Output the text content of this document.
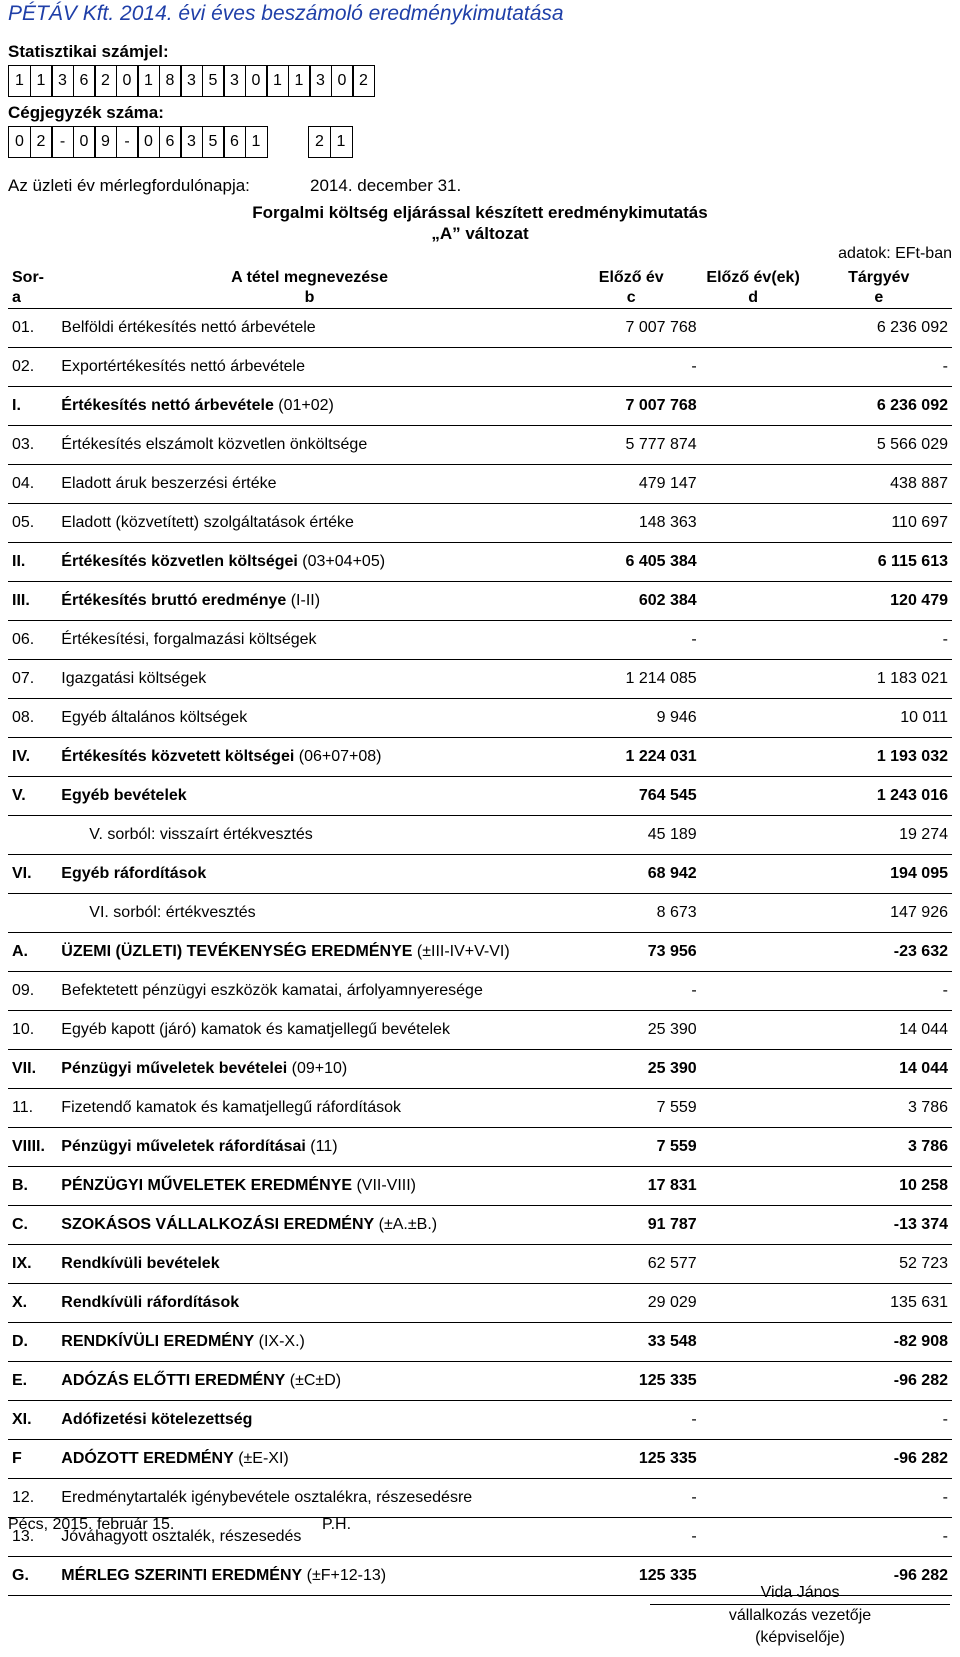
PÉTÁV Kft. 2014. évi éves beszámoló eredménykimutatása
Statisztikai számjel:
1 1 3 6 2 0 1 8 3 5 3 0 1 1 3 0 2
Cégjegyzék száma:
0 2 - 0 9 - 0 6 3 5 6 1	2 1
Az üzleti év mérlegfordulónapja:	2014. december 31.
Forgalmi költség eljárással készített eredménykimutatás
„A” változat
adatok: EFt-ban
Sor-	A tétel megnevezése	Előző év	Előző év(ek)	Tárgyév
a	b	c	d	e
01.	Belföldi értékesítés nettó árbevétele	7 007 768		6 236 092
02.	Exportértékesítés nettó árbevétele	-		-
I.	Értékesítés nettó árbevétele (01+02)	7 007 768		6 236 092
03.	Értékesítés elszámolt közvetlen önköltsége	5 777 874		5 566 029
04.	Eladott áruk beszerzési értéke	479 147		438 887
05.	Eladott (közvetített) szolgáltatások értéke	148 363		110 697
II.	Értékesítés közvetlen költségei (03+04+05)	6 405 384		6 115 613
III.	Értékesítés bruttó eredménye (I-II)	602 384		120 479
06.	Értékesítési, forgalmazási költségek	-		-
07.	Igazgatási költségek	1 214 085		1 183 021
08.	Egyéb általános költségek	9 946		10 011
IV.	Értékesítés közvetett költségei (06+07+08)	1 224 031		1 193 032
V.	Egyéb bevételek	764 545		1 243 016
	V. sorból: visszaírt értékvesztés	45 189		19 274
VI.	Egyéb ráfordítások	68 942		194 095
	VI. sorból: értékvesztés	8 673		147 926
A.	ÜZEMI (ÜZLETI) TEVÉKENYSÉG EREDMÉNYE (±III-IV+V-VI)	73 956		-23 632
09.	Befektetett pénzügyi eszközök kamatai, árfolyamnyeresége	-		-
10.	Egyéb kapott (járó) kamatok és kamatjellegű bevételek	25 390		14 044
VII.	Pénzügyi műveletek bevételei (09+10)	25 390		14 044
11.	Fizetendő kamatok és kamatjellegű ráfordítások	7 559		3 786
VIIII.	Pénzügyi műveletek ráfordításai (11)	7 559		3 786
B.	PÉNZÜGYI MŰVELETEK EREDMÉNYE (VII-VIII)	17 831		10 258
C.	SZOKÁSOS VÁLLALKOZÁSI EREDMÉNY (±A.±B.)	91 787		-13 374
IX.	Rendkívüli bevételek	62 577		52 723
X.	Rendkívüli ráfordítások	29 029		135 631
D.	RENDKÍVÜLI EREDMÉNY (IX-X.)	33 548		-82 908
E.	ADÓZÁS ELŐTTI EREDMÉNY (±C±D)	125 335		-96 282
XI.	Adófizetési kötelezettség	-		-
F	ADÓZOTT EREDMÉNY (±E-XI)	125 335		-96 282
12.	Eredménytartalék igénybevétele osztalékra, részesedésre	-		-
13.	Jóváhagyott osztalék, részesedés	-		-
G.	MÉRLEG SZERINTI EREDMÉNY (±F+12-13)	125 335		-96 282
Pécs, 2015. február 15.	P.H.
Vida János
vállalkozás vezetője
(képviselője)
